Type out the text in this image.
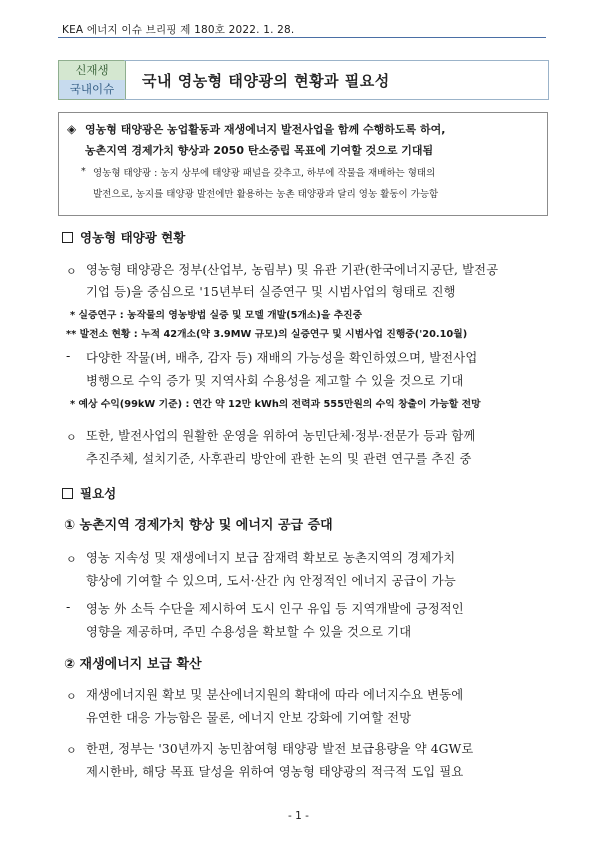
KEA 에너지 이슈 브리핑 제 180호 2022. 1. 28.
신재생
국내이슈	국내 영농형 태양광의 현황과 필요성
◈ 영농형 태양광은 농업활동과 재생에너지 발전사업을 함께 수행하도록 하여,
농촌지역 경제가치 향상과 2050 탄소중립 목표에 기여할 것으로 기대됨
* 영농형 태양광 : 농지 상부에 태양광 패널을 갖추고, 하부에 작물을 재배하는 형태의
발전으로, 농지를 태양광 발전에만 활용하는 농촌 태양광과 달리 영농 활동이 가능함
영농형 태양광 현황
ㅇ 영농형 태양광은 정부(산업부, 농림부) 및 유관 기관(한국에너지공단, 발전공
기업 등)을 중심으로 '15년부터 실증연구 및 시범사업의 형태로 진행
* 실증연구 : 농작물의 영농방법 실증 및 모델 개발(5개소)을 추진중
** 발전소 현황 : 누적 42개소(약 3.9MW 규모)의 실증연구 및 시범사업 진행중('20.10월)
- 다양한 작물(벼, 배추, 감자 등) 재배의 가능성을 확인하였으며, 발전사업
병행으로 수익 증가 및 지역사회 수용성을 제고할 수 있을 것으로 기대
* 예상 수익(99kW 기준) : 연간 약 12만 kWh의 전력과 555만원의 수익 창출이 가능할 전망
ㅇ 또한, 발전사업의 원활한 운영을 위하여 농민단체·정부·전문가 등과 함께
추진주체, 설치기준, 사후관리 방안에 관한 논의 및 관련 연구를 추진 중
필요성
① 농촌지역 경제가치 향상 및 에너지 공급 증대
ㅇ 영농 지속성 및 재생에너지 보급 잠재력 확보로 농촌지역의 경제가치
향상에 기여할 수 있으며, 도서·산간 內 안정적인 에너지 공급이 가능
- 영농 外 소득 수단을 제시하여 도시 인구 유입 등 지역개발에 긍정적인
영향을 제공하며, 주민 수용성을 확보할 수 있을 것으로 기대
② 재생에너지 보급 확산
ㅇ 재생에너지원 확보 및 분산에너지원의 확대에 따라 에너지수요 변동에
유연한 대응 가능함은 물론, 에너지 안보 강화에 기여할 전망
ㅇ 한편, 정부는 '30년까지 농민참여형 태양광 발전 보급용량을 약 4GW로
제시한바, 해당 목표 달성을 위하여 영농형 태양광의 적극적 도입 필요
- 1 -
